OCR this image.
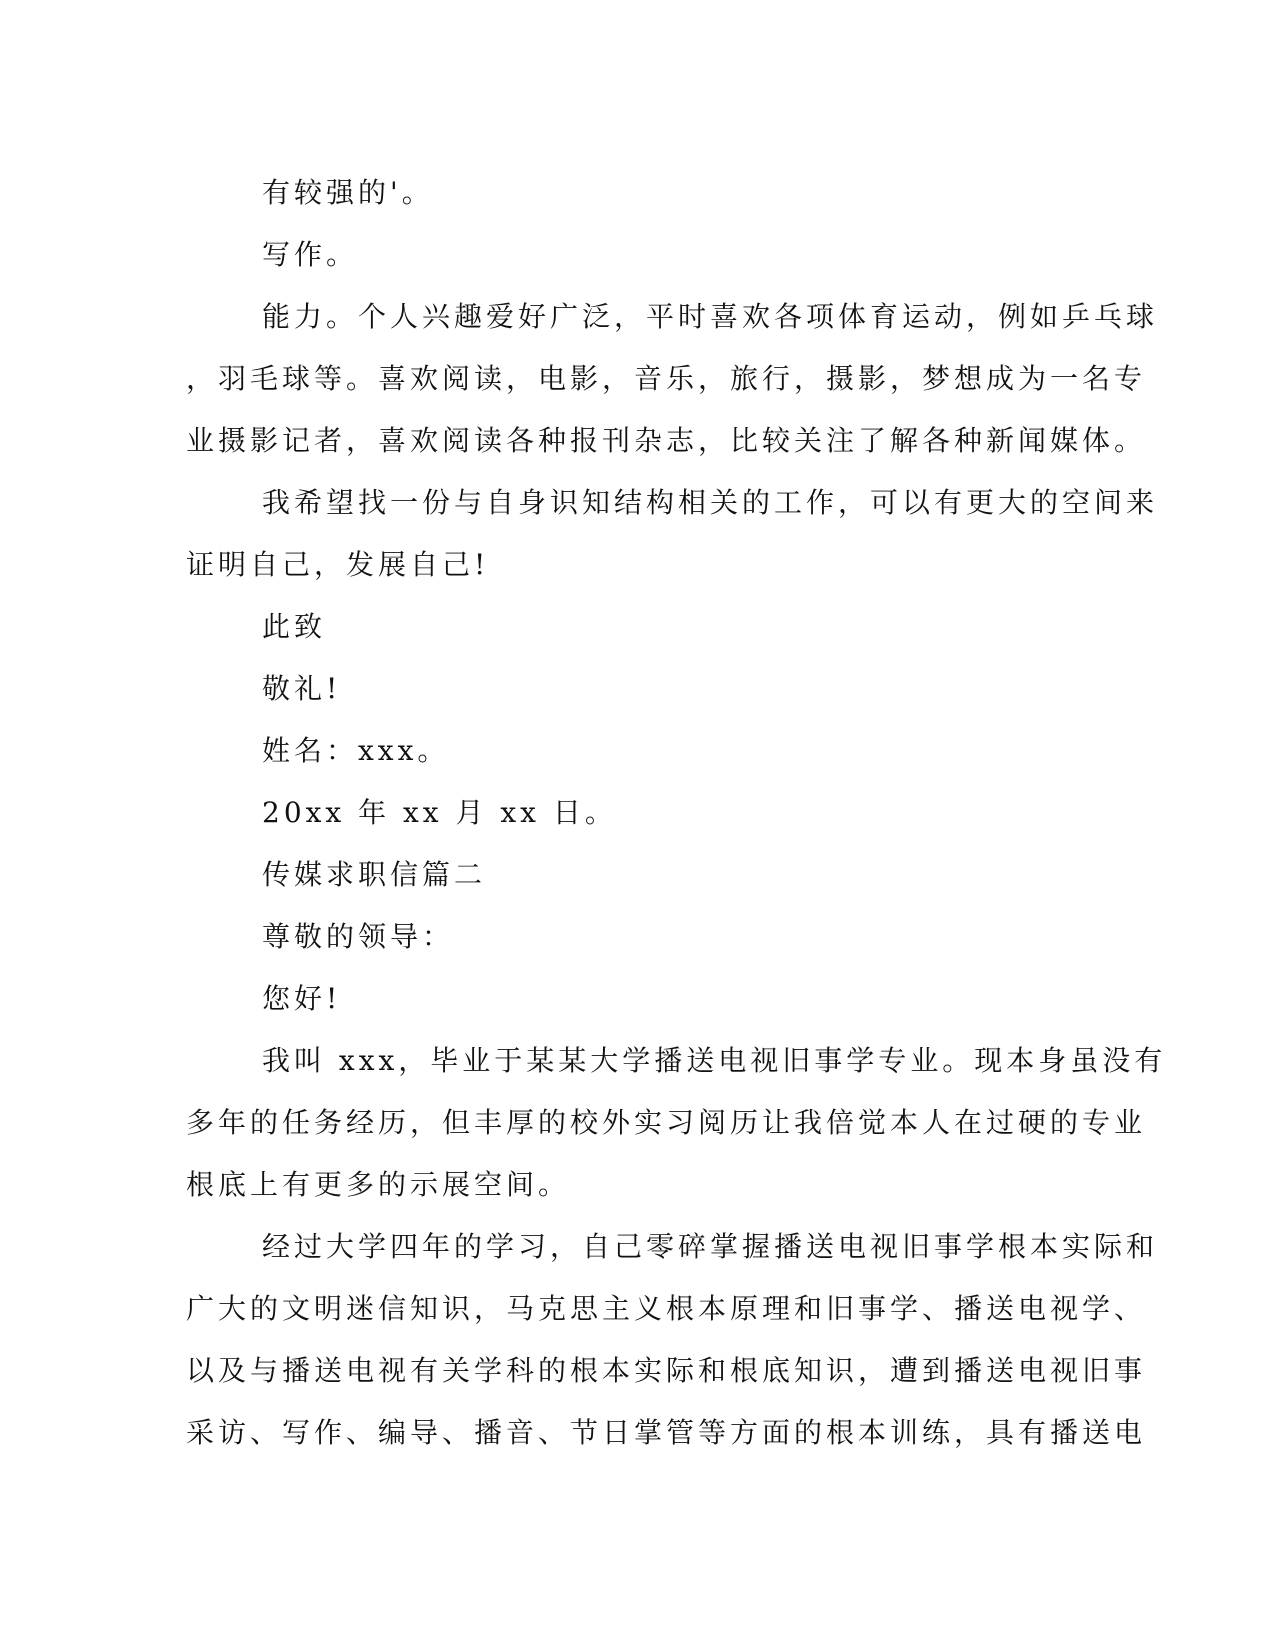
有较强的'。
写作。
能力。个人兴趣爱好广泛，平时喜欢各项体育运动，例如乒乓球
，羽毛球等。喜欢阅读，电影，音乐，旅行，摄影，梦想成为一名专
业摄影记者，喜欢阅读各种报刊杂志，比较关注了解各种新闻媒体。
我希望找一份与自身识知结构相关的工作，可以有更大的空间来
证明自己，发展自己!
此致
敬礼!
姓名：xxx。
20xx 年 xx 月 xx 日。
传媒求职信篇二
尊敬的领导：
您好!
我叫 xxx，毕业于某某大学播送电视旧事学专业。现本身虽没有
多年的任务经历，但丰厚的校外实习阅历让我倍觉本人在过硬的专业
根底上有更多的示展空间。
经过大学四年的学习，自己零碎掌握播送电视旧事学根本实际和
广大的文明迷信知识，马克思主义根本原理和旧事学、播送电视学、
以及与播送电视有关学科的根本实际和根底知识，遭到播送电视旧事
采访、写作、编导、播音、节日掌管等方面的根本训练，具有播送电
